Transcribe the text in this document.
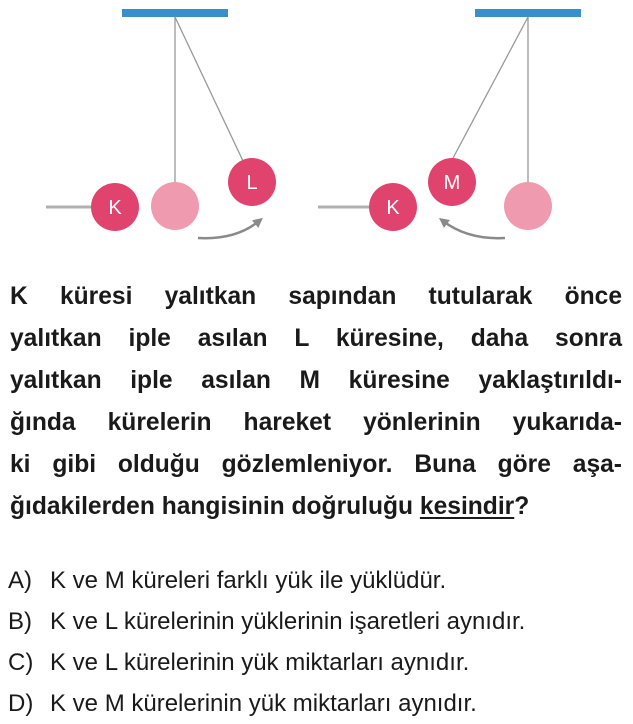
K
L
K
M

K küresi yalıtkan sapından tutularak önce
yalıtkan iple asılan L küresine, daha sonra
yalıtkan iple asılan M küresine yaklaştırıldı-
ğında kürelerin hareket yönlerinin yukarıda-
ki gibi olduğu gözlemleniyor. Buna göre aşa-
ğıdakilerden hangisinin doğruluğu kesindir?

A) K ve M küreleri farklı yük ile yüklüdür.
B) K ve L kürelerinin yüklerinin işaretleri aynıdır.
C) K ve L kürelerinin yük miktarları aynıdır.
D) K ve M kürelerinin yük miktarları aynıdır.
